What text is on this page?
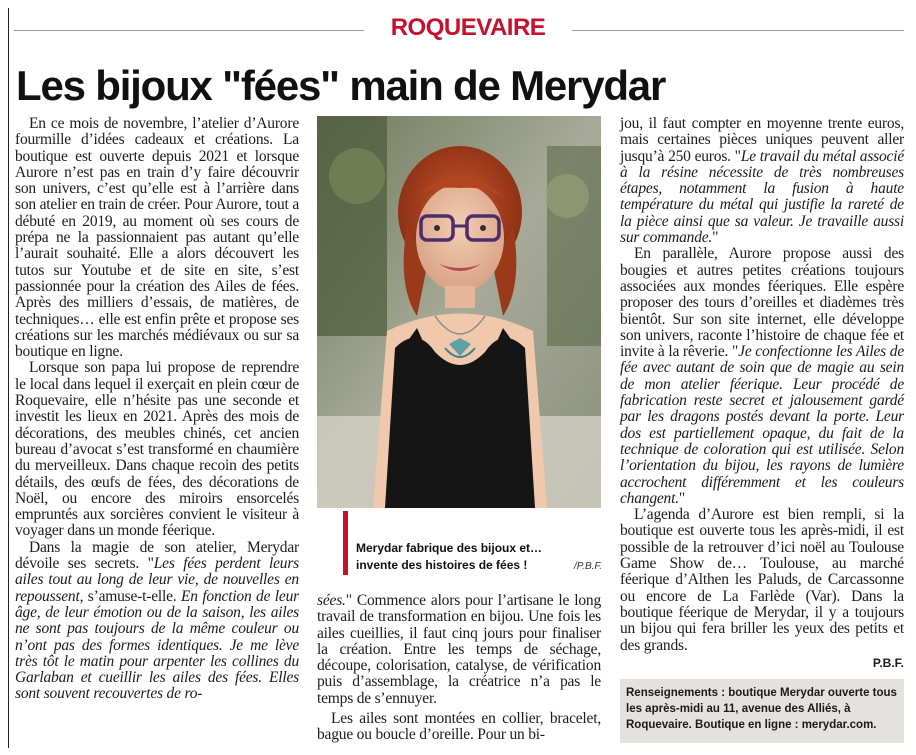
ROQUEVAIRE
Les bijoux "fées" main de Merydar

En ce mois de novembre, l’atelier d’Aurore fourmille d’idées cadeaux et créations. La boutique est ouverte depuis 2021 et lorsque Aurore n’est pas en train d’y faire découvrir son univers, c’est qu’elle est à l’arrière dans son atelier en train de créer. Pour Aurore, tout a débuté en 2019, au moment où ses cours de prépa ne la passionnaient pas autant qu’elle l’aurait souhaité. Elle a alors découvert les tutos sur Youtube et de site en site, s’est passionnée pour la création des Ailes de fées. Après des milliers d’essais, de matières, de techniques… elle est enfin prête et propose ses créations sur les marchés médiévaux ou sur sa boutique en ligne.

Lorsque son papa lui propose de reprendre le local dans lequel il exerçait en plein cœur de Roquevaire, elle n’hésite pas une seconde et investit les lieux en 2021. Après des mois de décorations, des meubles chinés, cet ancien bureau d’avocat s’est transformé en chaumière du merveilleux. Dans chaque recoin des petits détails, des œufs de fées, des décorations de Noël, ou encore des miroirs ensorcelés empruntés aux sorcières convient le visiteur à voyager dans un monde féerique.

Dans la magie de son atelier, Merydar dévoile ses secrets. "Les fées perdent leurs ailes tout au long de leur vie, de nouvelles en repoussent, s’amuse-t-elle. En fonction de leur âge, de leur émotion ou de la saison, les ailes ne sont pas toujours de la même couleur ou n’ont pas des formes identiques. Je me lève très tôt le matin pour arpenter les collines du Garlaban et cueillir les ailes des fées. Elles sont souvent recouvertes de ro-

Merydar fabrique des bijoux et… invente des histoires de fées !	/P.B.F.

sées." Commence alors pour l’artisane le long travail de transformation en bijou. Une fois les ailes cueillies, il faut cinq jours pour finaliser la création. Entre les temps de séchage, découpe, colorisation, catalyse, de vérification puis d’assemblage, la créatrice n’a pas le temps de s’ennuyer.

Les ailes sont montées en collier, bracelet, bague ou boucle d’oreille. Pour un bi-

jou, il faut compter en moyenne trente euros, mais certaines pièces uniques peuvent aller jusqu’à 250 euros. "Le travail du métal associé à la résine nécessite de très nombreuses étapes, notamment la fusion à haute température du métal qui justifie la rareté de la pièce ainsi que sa valeur. Je travaille aussi sur commande."

En parallèle, Aurore propose aussi des bougies et autres petites créations toujours associées aux mondes féeriques. Elle espère proposer des tours d’oreilles et diadèmes très bientôt. Sur son site internet, elle développe son univers, raconte l’histoire de chaque fée et invite à la rêverie. "Je confectionne les Ailes de fée avec autant de soin que de magie au sein de mon atelier féerique. Leur procédé de fabrication reste secret et jalousement gardé par les dragons postés devant la porte. Leur dos est partiellement opaque, du fait de la technique de coloration qui est utilisée. Selon l’orientation du bijou, les rayons de lumière accrochent différemment et les couleurs changent."

L’agenda d’Aurore est bien rempli, si la boutique est ouverte tous les après-midi, il est possible de la retrouver d’ici noël au Toulouse Game Show de… Toulouse, au marché féerique d’Althen les Paluds, de Carcassonne ou encore de La Farlède (Var). Dans la boutique féerique de Merydar, il y a toujours un bijou qui fera briller les yeux des petits et des grands.

P.B.F.
Renseignements : boutique Merydar ouverte tous les après-midi au 11, avenue des Alliés, à Roquevaire. Boutique en ligne : merydar.com.
